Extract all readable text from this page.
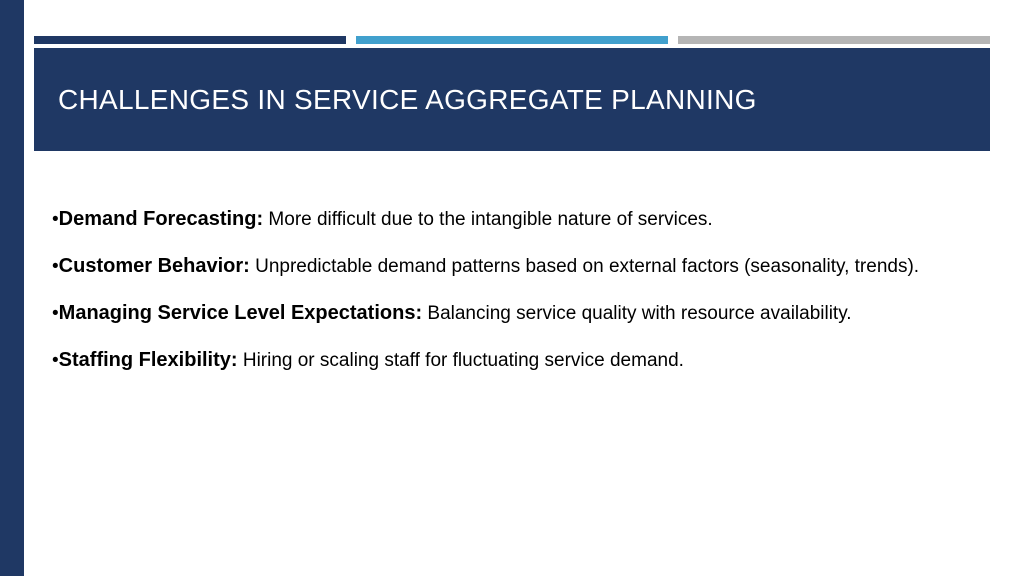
CHALLENGES IN SERVICE AGGREGATE PLANNING

•Demand Forecasting: More difficult due to the intangible nature of services.

•Customer Behavior: Unpredictable demand patterns based on external factors (seasonality, trends).

•Managing Service Level Expectations: Balancing service quality with resource availability.

•Staffing Flexibility: Hiring or scaling staff for fluctuating service demand.
